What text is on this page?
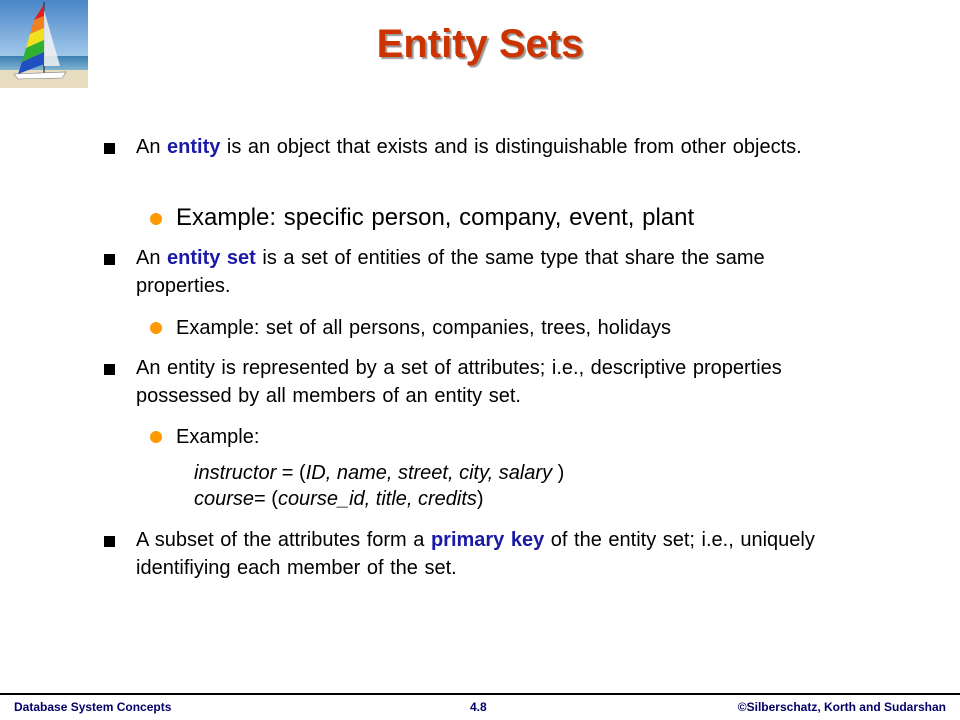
Entity Sets
An entity is an object that exists and is distinguishable from other objects.
Example: specific person, company, event, plant
An entity set is a set of entities of the same type that share the same properties.
Example: set of all persons, companies, trees, holidays
An entity is represented by a set of attributes; i.e., descriptive properties possessed by all members of an entity set.
Example:
instructor = (ID, name, street, city, salary )
course= (course_id, title, credits)
A subset of the attributes form a primary key of the entity set; i.e., uniquely identifiying each member of the set.
Database System Concepts	4.8	©Silberschatz, Korth and Sudarshan
